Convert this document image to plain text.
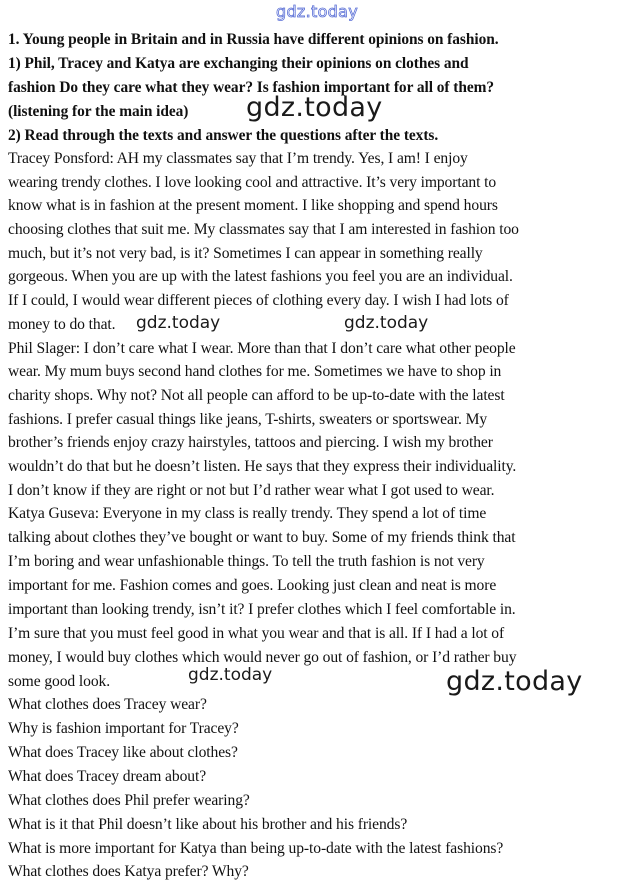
gdz.today
1. Young people in Britain and in Russia have different opinions on fashion.
1) Phil, Tracey and Katya are exchanging their opinions on clothes and
fashion Do they care what they wear? Is fashion important for all of them?
(listening for the main idea) gdz.today
2) Read through the texts and answer the questions after the texts.
Tracey Ponsford: AH my classmates say that I’m trendy. Yes, I am! I enjoy
wearing trendy clothes. I love looking cool and attractive. It’s very important to
know what is in fashion at the present moment. I like shopping and spend hours
choosing clothes that suit me. My classmates say that I am interested in fashion too
much, but it’s not very bad, is it? Sometimes I can appear in something really
gorgeous. When you are up with the latest fashions you feel you are an individual.
If I could, I would wear different pieces of clothing every day. I wish I had lots of
money to do that. gdz.today	gdz.today
Phil Slager: I don’t care what I wear. More than that I don’t care what other people
wear. My mum buys second hand clothes for me. Sometimes we have to shop in
charity shops. Why not? Not all people can afford to be up-to-date with the latest
fashions. I prefer casual things like jeans, T-shirts, sweaters or sportswear. My
brother’s friends enjoy crazy hairstyles, tattoos and piercing. I wish my brother
wouldn’t do that but he doesn’t listen. He says that they express their individuality.
I don’t know if they are right or not but I’d rather wear what I got used to wear.
Katya Guseva: Everyone in my class is really trendy. They spend a lot of time
talking about clothes they’ve bought or want to buy. Some of my friends think that
I’m boring and wear unfashionable things. To tell the truth fashion is not very
important for me. Fashion comes and goes. Looking just clean and neat is more
important than looking trendy, isn’t it? I prefer clothes which I feel comfortable in.
I’m sure that you must feel good in what you wear and that is all. If I had a lot of
money, I would buy clothes which would never go out of fashion, or I’d rather buy
some good look.	gdz.today	gdz.today
What clothes does Tracey wear?
Why is fashion important for Tracey?
What does Tracey like about clothes?
What does Tracey dream about?
What clothes does Phil prefer wearing?
What is it that Phil doesn’t like about his brother and his friends?
What is more important for Katya than being up-to-date with the latest fashions?
What clothes does Katya prefer? Why?
